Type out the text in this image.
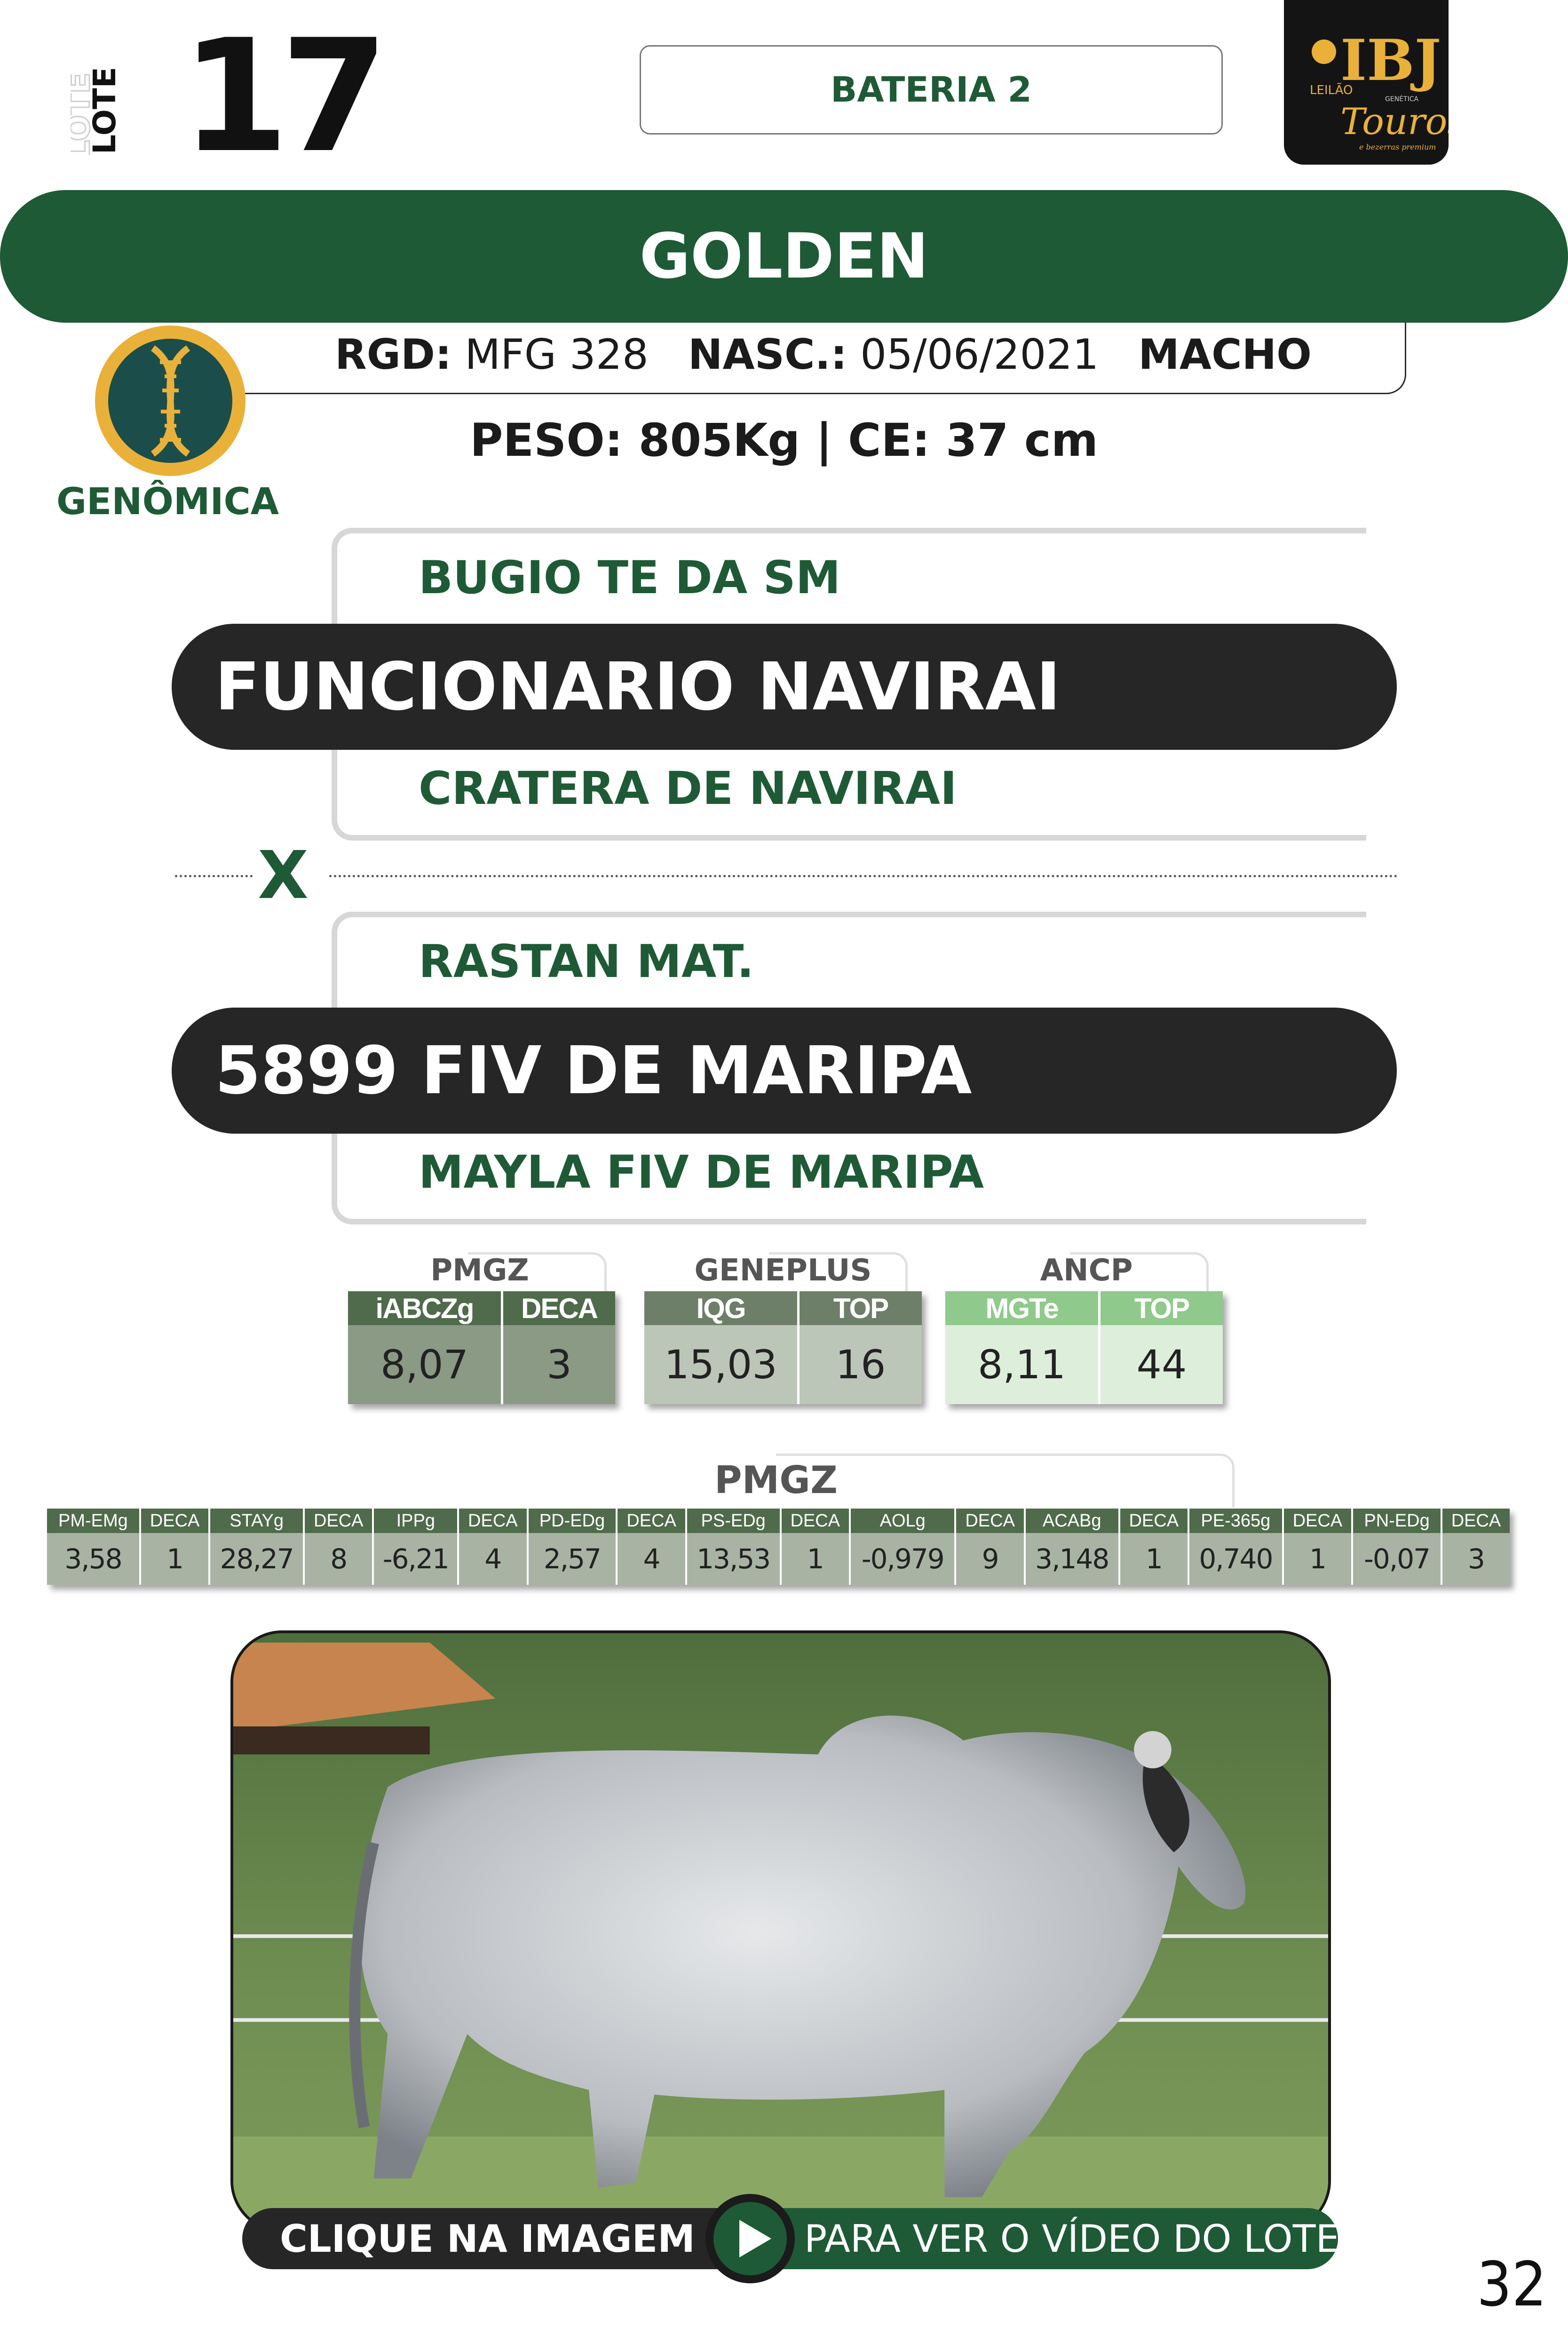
LOTE
LOTE 17	BATERIA 2	IBJ
LEILÃO
GENÉTICA
Touro
e bezerras premium
GOLDEN
RGD: MFG 328 NASC.: 05/06/2021 MACHO
PESO: 805Kg | CE: 37 cm
GENÔMICA
BUGIO TE DA SM
FUNCIONARIO NAVIRAI
CRATERA DE NAVIRAI
X
RASTAN MAT.
5899 FIV DE MARIPA
MAYLA FIV DE MARIPA
PMGZ
iABCZg	DECA
8,07	3
GENEPLUS
IQG	TOP
15,03	16
ANCP
MGTe	TOP
8,11	44
PMGZ
PM-EMg	DECA	STAYg	DECA	IPPg	DECA	PD-EDg	DECA	PS-EDg	DECA	AOLg	DECA	ACABg	DECA	PE-365g	DECA	PN-EDg	DECA
3,58	1	28,27	8	-6,21	4	2,57	4	13,53	1	-0,979	9	3,148	1	0,740	1	-0,07	3
CLIQUE NA IMAGEM	PARA VER O VÍDEO DO LOTE
32
